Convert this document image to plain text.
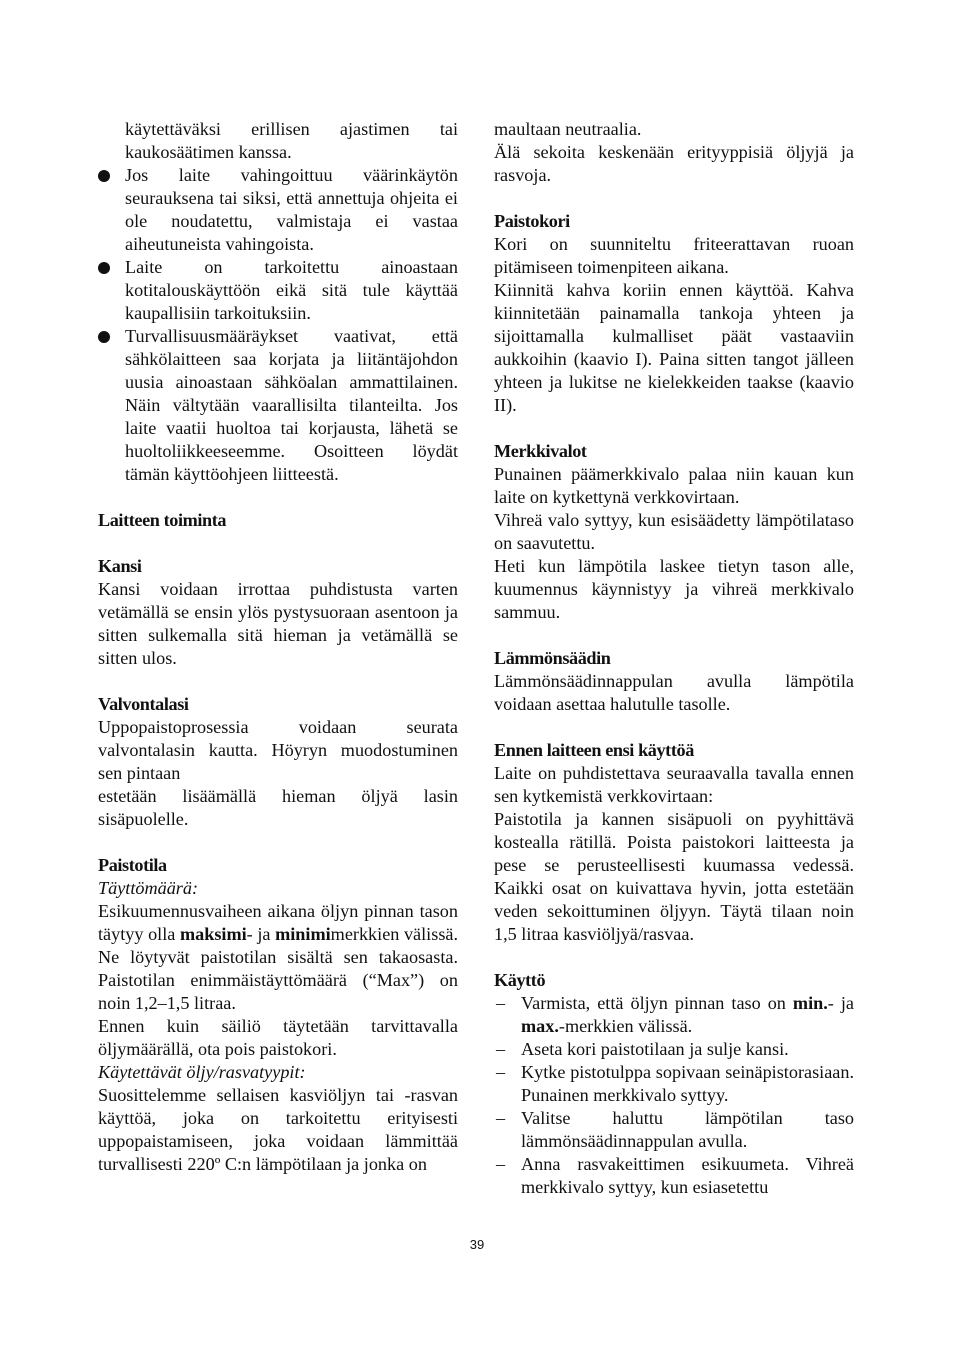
käytettäväksi erillisen ajastimen tai kaukosäätimen kanssa.

Jos laite vahingoittuu väärinkäytön seurauksena tai siksi, että annettuja ohjeita ei ole noudatettu, valmistaja ei vastaa aiheutuneista vahingoista.
Laite on tarkoitettu ainoastaan kotitalouskäyttöön eikä sitä tule käyttää kaupallisiin tarkoituksiin.
Turvallisuusmääräykset vaativat, että sähkölaitteen saa korjata ja liitäntäjohdon uusia ainoastaan sähköalan ammattilainen. Näin vältytään vaarallisilta tilanteilta. Jos laite vaatii huoltoa tai korjausta, lähetä se huoltoliikkeeseemme. Osoitteen löydät tämän käyttöohjeen liitteestä.

Laitteen toiminta

Kansi

Kansi voidaan irrottaa puhdistusta varten vetämällä se ensin ylös pystysuoraan asentoon ja sitten sulkemalla sitä hieman ja vetämällä se sitten ulos.

Valvontalasi

Uppopaistoprosessia voidaan seurata valvontalasin kautta. Höyryn muodostuminen sen pintaan

estetään lisäämällä hieman öljyä lasin sisäpuolelle.

Paistotila

Täyttömäärä:

Esikuumennusvaiheen aikana öljyn pinnan tason täytyy olla maksimi- ja minimimerkkien välissä. Ne löytyvät paistotilan sisältä sen takaosasta. Paistotilan enimmäistäyttömäärä (“Max”) on noin 1,2–1,5 litraa.

Ennen kuin säiliö täytetään tarvittavalla öljymäärällä, ota pois paistokori.

Käytettävät öljy/rasvatyypit:

Suosittelemme sellaisen kasviöljyn tai -rasvan käyttöä, joka on tarkoitettu erityisesti uppopaistamiseen, joka voidaan lämmittää turvallisesti 220º C:n lämpötilaan ja jonka on

maultaan neutraalia.

Älä sekoita keskenään erityyppisiä öljyjä ja rasvoja.

Paistokori

Kori on suunniteltu friteerattavan ruoan pitämiseen toimenpiteen aikana.

Kiinnitä kahva koriin ennen käyttöä. Kahva kiinnitetään painamalla tankoja yhteen ja sijoittamalla kulmalliset päät vastaaviin aukkoihin (kaavio I). Paina sitten tangot jälleen yhteen ja lukitse ne kielekkeiden taakse (kaavio II).

Merkkivalot

Punainen päämerkkivalo palaa niin kauan kun laite on kytkettynä verkkovirtaan.

Vihreä valo syttyy, kun esisäädetty lämpötilataso on saavutettu.

Heti kun lämpötila laskee tietyn tason alle, kuumennus käynnistyy ja vihreä merkkivalo sammuu.

Lämmönsäädin

Lämmönsäädinnappulan avulla lämpötila voidaan asettaa halutulle tasolle.

Ennen laitteen ensi käyttöä

Laite on puhdistettava seuraavalla tavalla ennen sen kytkemistä verkkovirtaan:

Paistotila ja kannen sisäpuoli on pyyhittävä kostealla rätillä. Poista paistokori laitteesta ja pese se perusteellisesti kuumassa vedessä. Kaikki osat on kuivattava hyvin, jotta estetään veden sekoittuminen öljyyn. Täytä tilaan noin 1,5 litraa kasviöljyä/rasvaa.

Käyttö

– Varmista, että öljyn pinnan taso on min.- ja max.-merkkien välissä.
– Aseta kori paistotilaan ja sulje kansi.
– Kytke pistotulppa sopivaan seinäpistorasiaan. Punainen merkkivalo syttyy.
– Valitse haluttu lämpötilan taso lämmönsäädinnappulan avulla.
– Anna rasvakeittimen esikuumeta. Vihreä merkkivalo syttyy, kun esiasetettu
39
